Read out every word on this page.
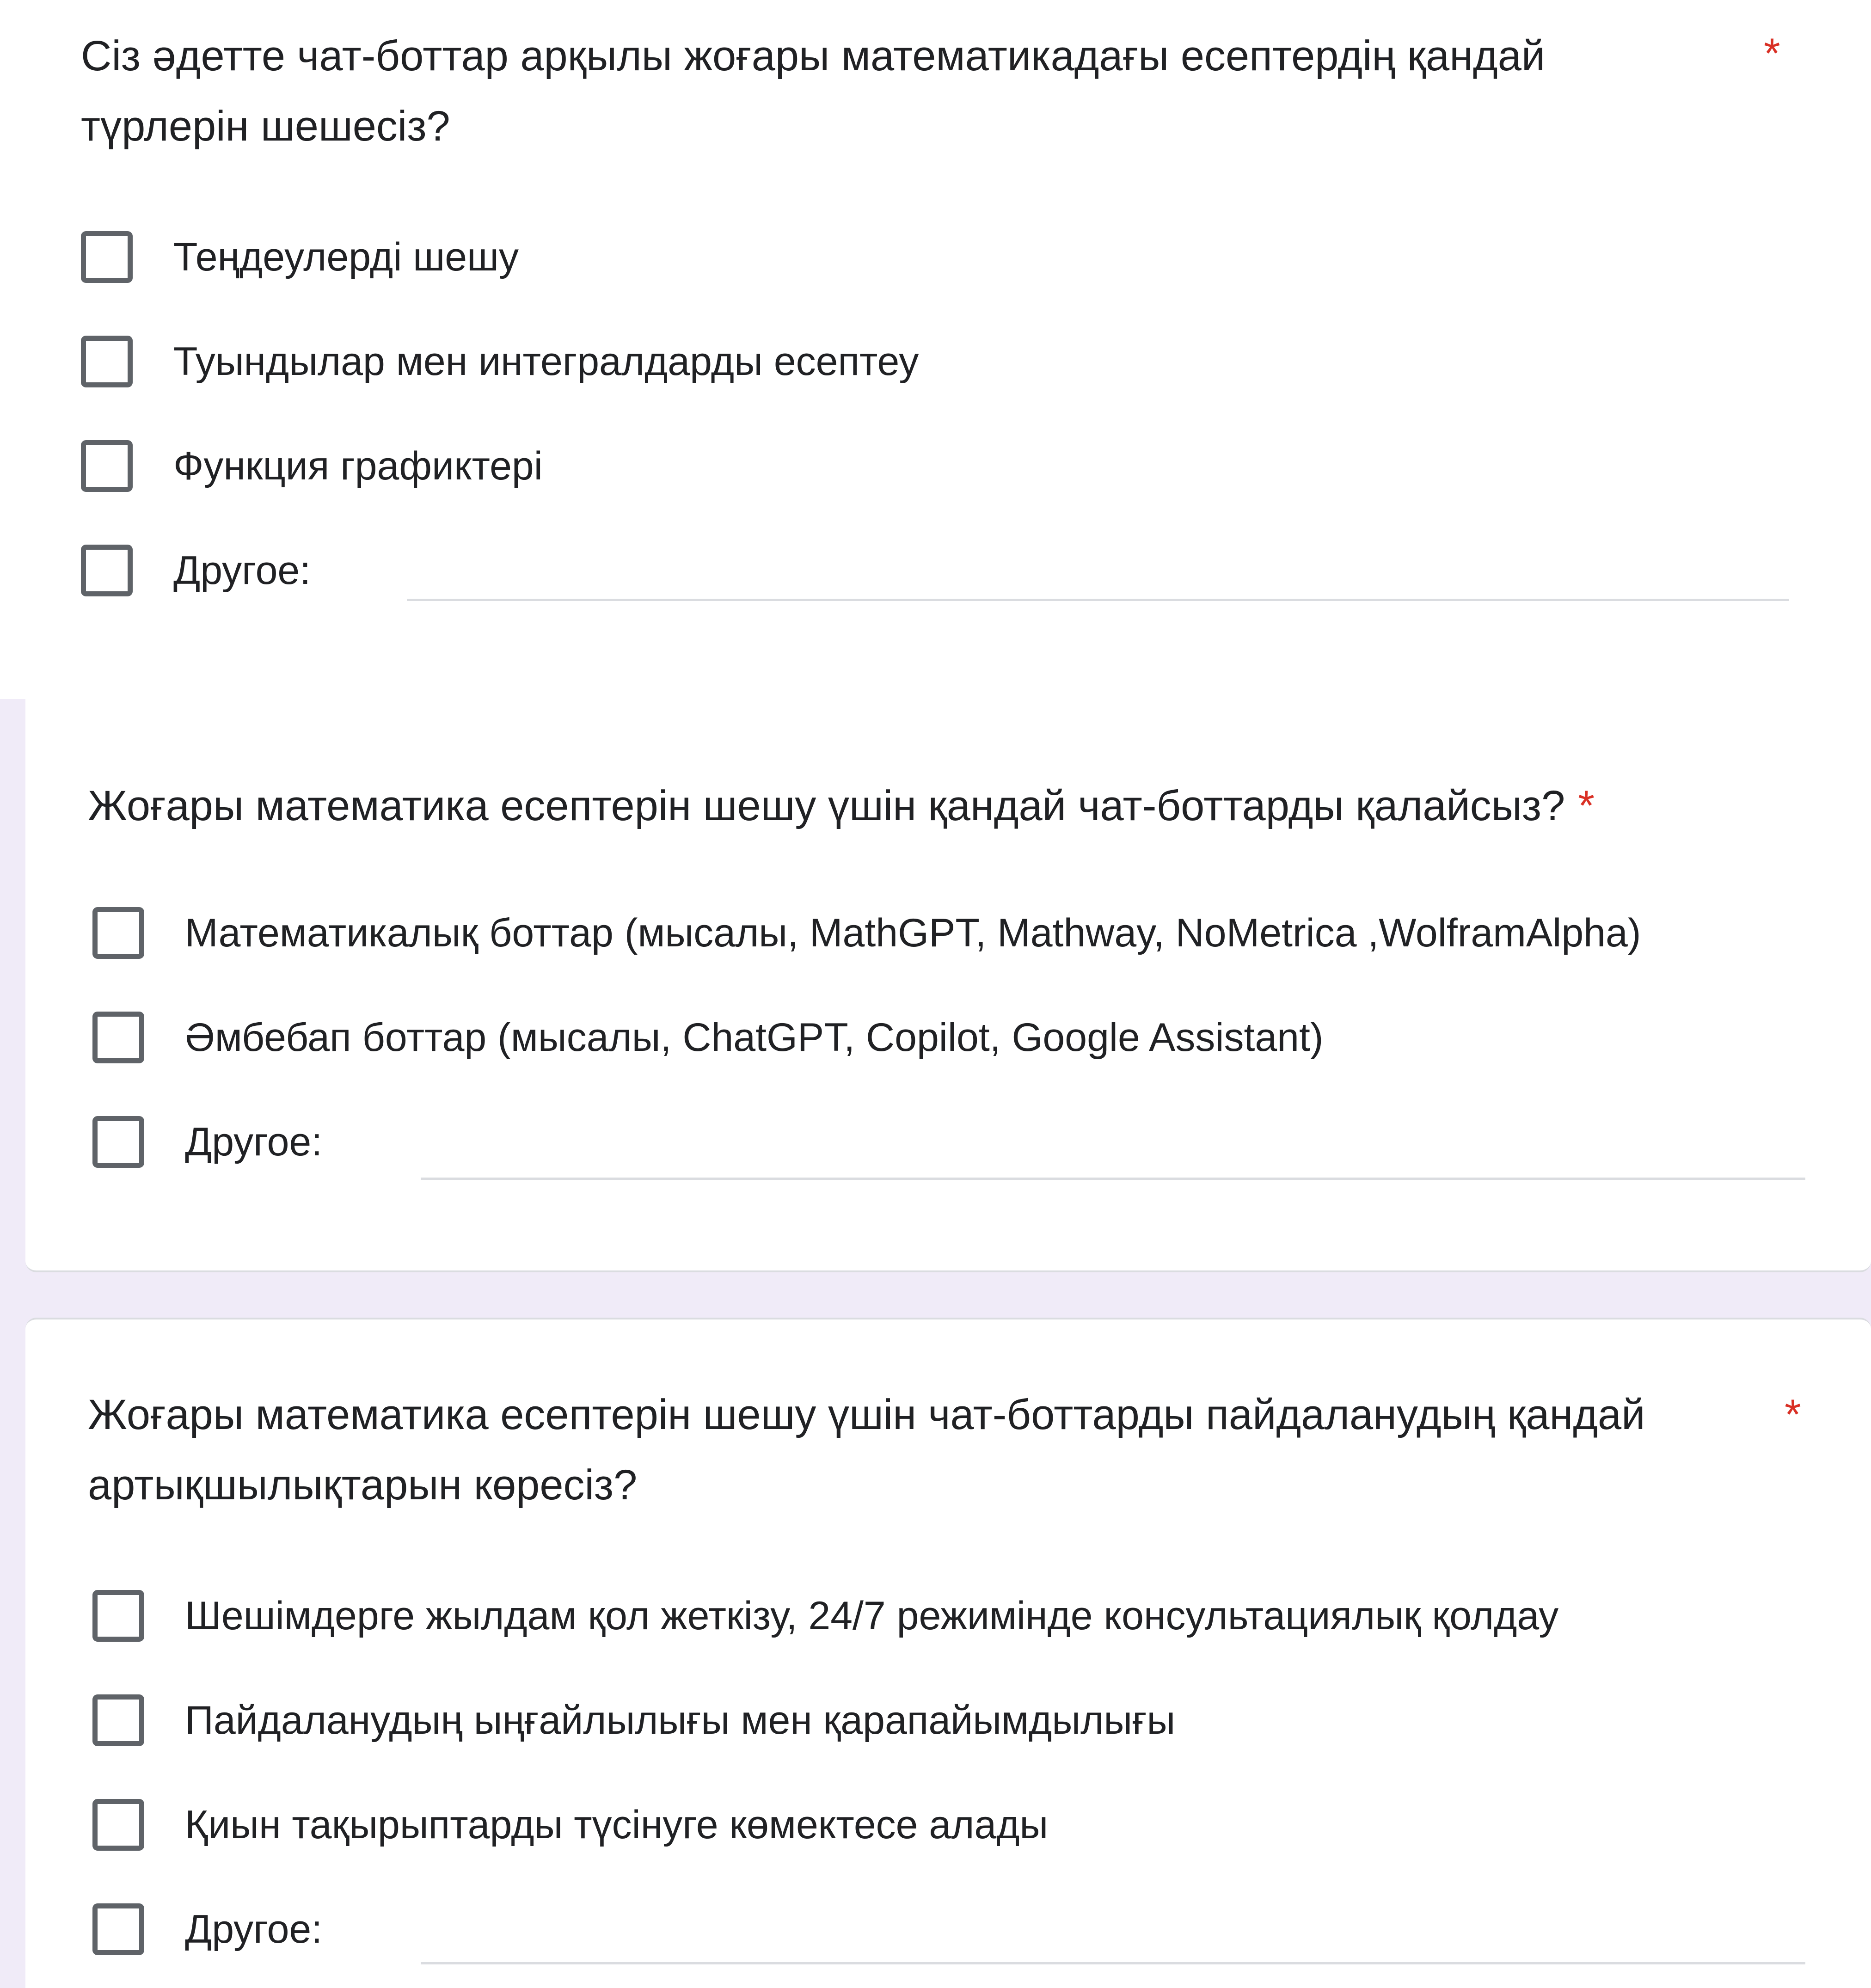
Сіз әдетте чат-боттар арқылы жоғары математикадағы есептердің қандай түрлерін шешесіз?
*
Теңдеулерді шешу
Туындылар мен интегралдарды есептеу
Функция графиктері
Другое:
Жоғары математика есептерін шешу үшін қандай чат-боттарды қалайсыз? *
Математикалық боттар (мысалы, MathGPT, Mathway, NoMetrica ,WolframAlpha)
Әмбебап боттар (мысалы, ChatGPT, Copilot, Google Assistant)
Другое:
Жоғары математика есептерін шешу үшін чат-боттарды пайдаланудың қандай артықшылықтарын көресіз?
*
Шешімдерге жылдам қол жеткізу, 24/7 режимінде консультациялық қолдау
Пайдаланудың ыңғайлылығы мен қарапайымдылығы
Қиын тақырыптарды түсінуге көмектесе алады
Другое:
